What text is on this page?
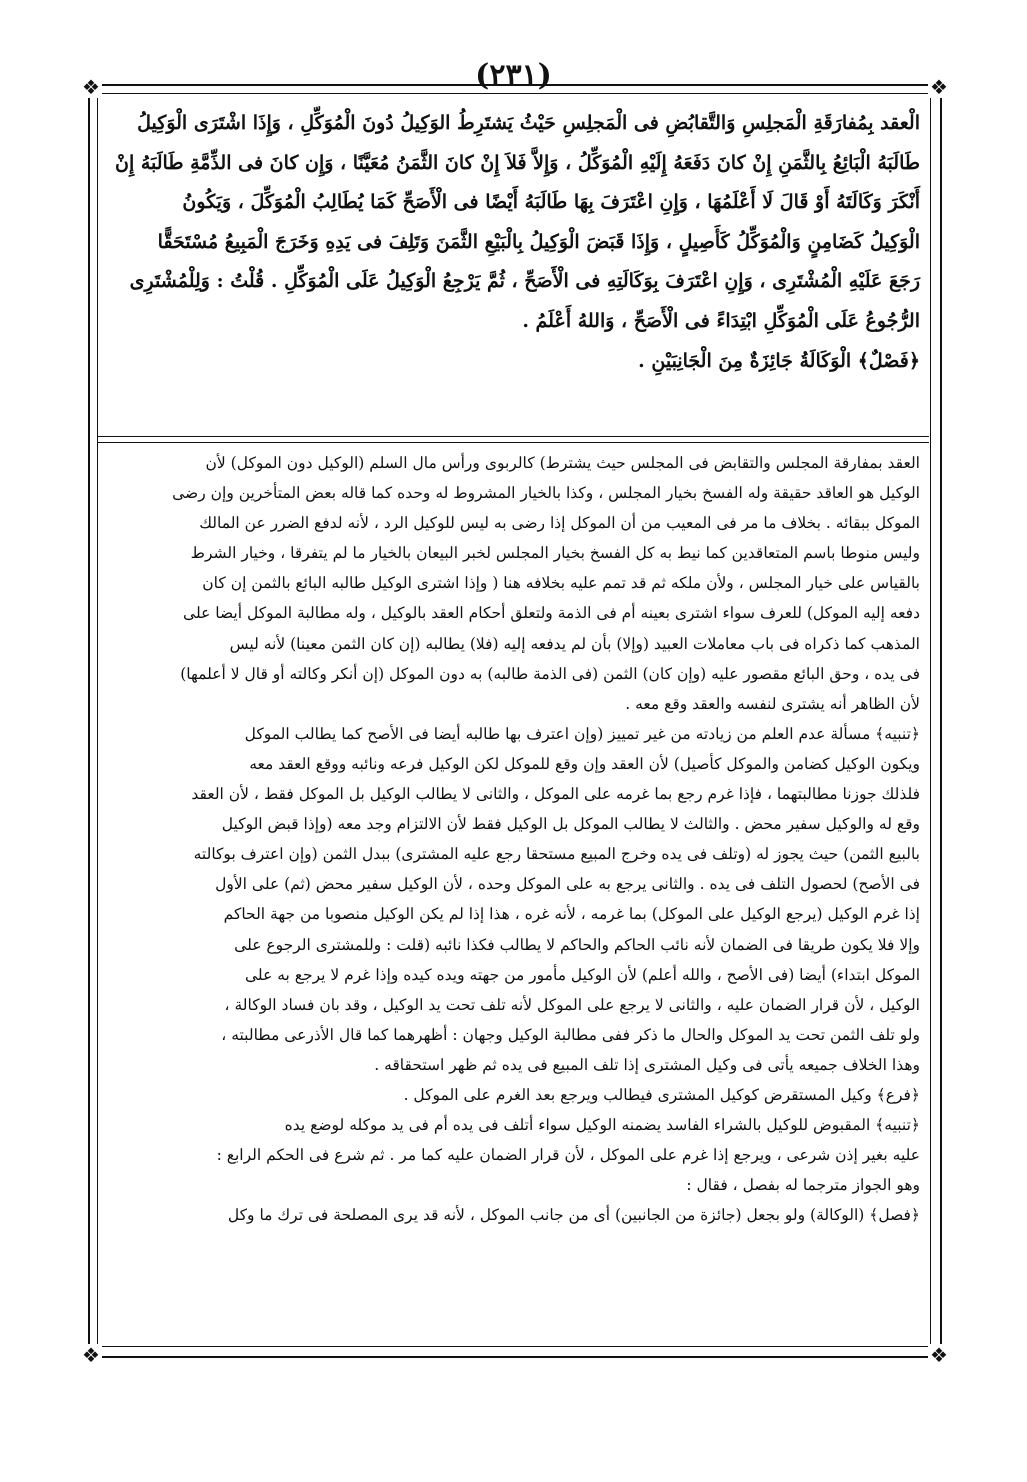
(٢٣١)
❖	❖
❖	❖

الْعقد بِمُفارَقَةِ الْمَجلِسِ وَالتَّقابُضِ فى الْمَجلِسِ حَيْثُ يَشتَرِطُ الوَكِيلُ دُونَ الْمُوَكِّلِ ، وَإِذَا اشْتَرَى الْوَكِيلُ

طَالَبَهُ الْبَائِعُ بِالثَّمَنِ إِنْ كانَ دَفَعَهُ إِلَيْهِ الْمُوَكِّلُ ، وَإِلاَّ فَلاَ إِنْ كانَ الثَّمَنُ مُعَيَّنًا ، وَإِن كانَ فى الذِّمَّةِ طَالَبَهُ إِنْ

أَنْكَرَ وَكَالَتَهُ أَوْ قَالَ لَا أَعْلَمُهَا ، وَإِنِ اعْتَرَفَ بِهَا طَالَبَهُ أَيْضًا فى الْأَصَحِّ كَمَا يُطَالِبُ الْمُوَكِّلَ ، وَيَكُونُ

الْوَكِيلُ كَضَامِنٍ وَالْمُوَكِّلُ كَأَصِيلٍ ، وَإِذَا قَبَضَ الْوَكِيلُ بِالْبَيْعِ الثَّمَنَ وَتَلِفَ فى يَدِهِ وَخَرَجَ الْمَبِيعُ مُسْتَحَقًّا

رَجَعَ عَلَيْهِ الْمُشْتَرِى ، وَإِنِ اعْتَرَفَ بِوَكَالَتِهِ فى الْأَصَحِّ ، ثُمَّ يَرْجِعُ الْوَكِيلُ عَلَى الْمُوَكِّلِ . قُلْتُ : وَلِلْمُشْتَرِى

الرُّجُوعُ عَلَى الْمُوَكِّلِ ابْتِدَاءً فى الْأَصَحِّ ، وَاللهُ أَعْلَمُ .

﴿فَصْلٌ﴾ الْوَكَالَةُ جَائِزَةٌ مِنَ الْجَانِبَيْنِ .

العقد بمفارقة المجلس والتقابض فى المجلس حيث يشترط) كالربوى ورأس مال السلم (الوكيل دون الموكل) لأن

الوكيل هو العاقد حقيقة وله الفسخ بخيار المجلس ، وكذا بالخيار المشروط له وحده كما قاله بعض المتأخرين وإن رضى

الموكل ببقائه . بخلاف ما مر فى المعيب من أن الموكل إذا رضى به ليس للوكيل الرد ، لأنه لدفع الضرر عن المالك

وليس منوطا باسم المتعاقدين كما نيط به كل الفسخ بخيار المجلس لخبر البيعان بالخيار ما لم يتفرقا ، وخيار الشرط

بالقياس على خيار المجلس ، ولأن ملكه ثم قد تمم عليه بخلافه هنا ( وإذا اشترى الوكيل طالبه البائع بالثمن إن كان

دفعه إليه الموكل) للعرف سواء اشترى بعينه أم فى الذمة ولتعلق أحكام العقد بالوكيل ، وله مطالبة الموكل أيضا على

المذهب كما ذكراه فى باب معاملات العبيد (وإلا) بأن لم يدفعه إليه (فلا) يطالبه (إن كان الثمن معينا) لأنه ليس

فى يده ، وحق البائع مقصور عليه (وإن كان) الثمن (فى الذمة طالبه) به دون الموكل (إن أنكر وكالته أو قال لا أعلمها)

لأن الظاهر أنه يشترى لنفسه والعقد وقع معه .

﴿تنبيه﴾ مسألة عدم العلم من زيادته من غير تمييز (وإن اعترف بها طالبه أيضا فى الأصح كما يطالب الموكل

ويكون الوكيل كضامن والموكل كأصيل) لأن العقد وإن وقع للموكل لكن الوكيل فرعه ونائبه ووقع العقد معه

فلذلك جوزنا مطالبتهما ، فإذا غرم رجع بما غرمه على الموكل ، والثانى لا يطالب الوكيل بل الموكل فقط ، لأن العقد

وقع له والوكيل سفير محض . والثالث لا يطالب الموكل بل الوكيل فقط لأن الالتزام وجد معه (وإذا قبض الوكيل

بالبيع الثمن) حيث يجوز له (وتلف فى يده وخرج المبيع مستحقا رجع عليه المشترى) ببدل الثمن (وإن اعترف بوكالته

فى الأصح) لحصول التلف فى يده . والثانى يرجع به على الموكل وحده ، لأن الوكيل سفير محض (ثم) على الأول

إذا غرم الوكيل (يرجع الوكيل على الموكل) بما غرمه ، لأنه غره ، هذا إذا لم يكن الوكيل منصوبا من جهة الحاكم

وإلا فلا يكون طريقا فى الضمان لأنه نائب الحاكم والحاكم لا يطالب فكذا نائبه (قلت : وللمشترى الرجوع على

الموكل ابتداء) أيضا (فى الأصح ، والله أعلم) لأن الوكيل مأمور من جهته ويده كيده وإذا غرم لا يرجع به على

الوكيل ، لأن قرار الضمان عليه ، والثانى لا يرجع على الموكل لأنه تلف تحت يد الوكيل ، وقد بان فساد الوكالة ،

ولو تلف الثمن تحت يد الموكل والحال ما ذكر ففى مطالبة الوكيل وجهان : أظهرهما كما قال الأذرعى مطالبته ،

وهذا الخلاف جميعه يأتى فى وكيل المشترى إذا تلف المبيع فى يده ثم ظهر استحقاقه .

﴿فرع﴾ وكيل المستقرض كوكيل المشترى فيطالب ويرجع بعد الغرم على الموكل .

﴿تنبيه﴾ المقبوض للوكيل بالشراء الفاسد يضمنه الوكيل سواء أتلف فى يده أم فى يد موكله لوضع يده

عليه بغير إذن شرعى ، ويرجع إذا غرم على الموكل ، لأن قرار الضمان عليه كما مر . ثم شرع فى الحكم الرابع :

وهو الجواز مترجما له بفصل ، فقال :

﴿فصل﴾ (الوكالة) ولو بجعل (جائزة من الجانبين) أى من جانب الموكل ، لأنه قد يرى المصلحة فى ترك ما وكل
